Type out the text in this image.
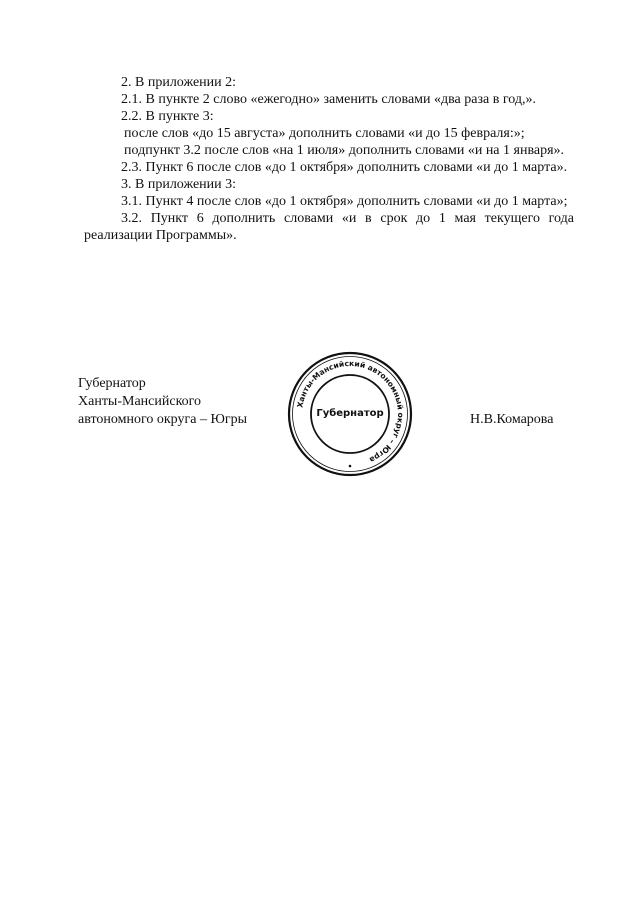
2. В приложении 2:

2.1. В пункте 2 слово «ежегодно» заменить словами «два раза в год,».

2.2. В пункте 3:

после слов «до 15 августа» дополнить словами «и до 15 февраля:»;

подпункт 3.2 после слов «на 1 июля» дополнить словами «и на 1 января».

2.3. Пункт 6 после слов «до 1 октября» дополнить словами «и до 1 марта».

3. В приложении 3:

3.1. Пункт 4 после слов «до 1 октября» дополнить словами «и до 1 марта»;

3.2. Пункт 6 дополнить словами «и в срок до 1 мая текущего года реализации Программы».

Губернатор
Ханты-Мансийского
автономного округа – Югры
Ханты-Мансийский автономный округ – Югра
Губернатор	Н.В.Комарова
